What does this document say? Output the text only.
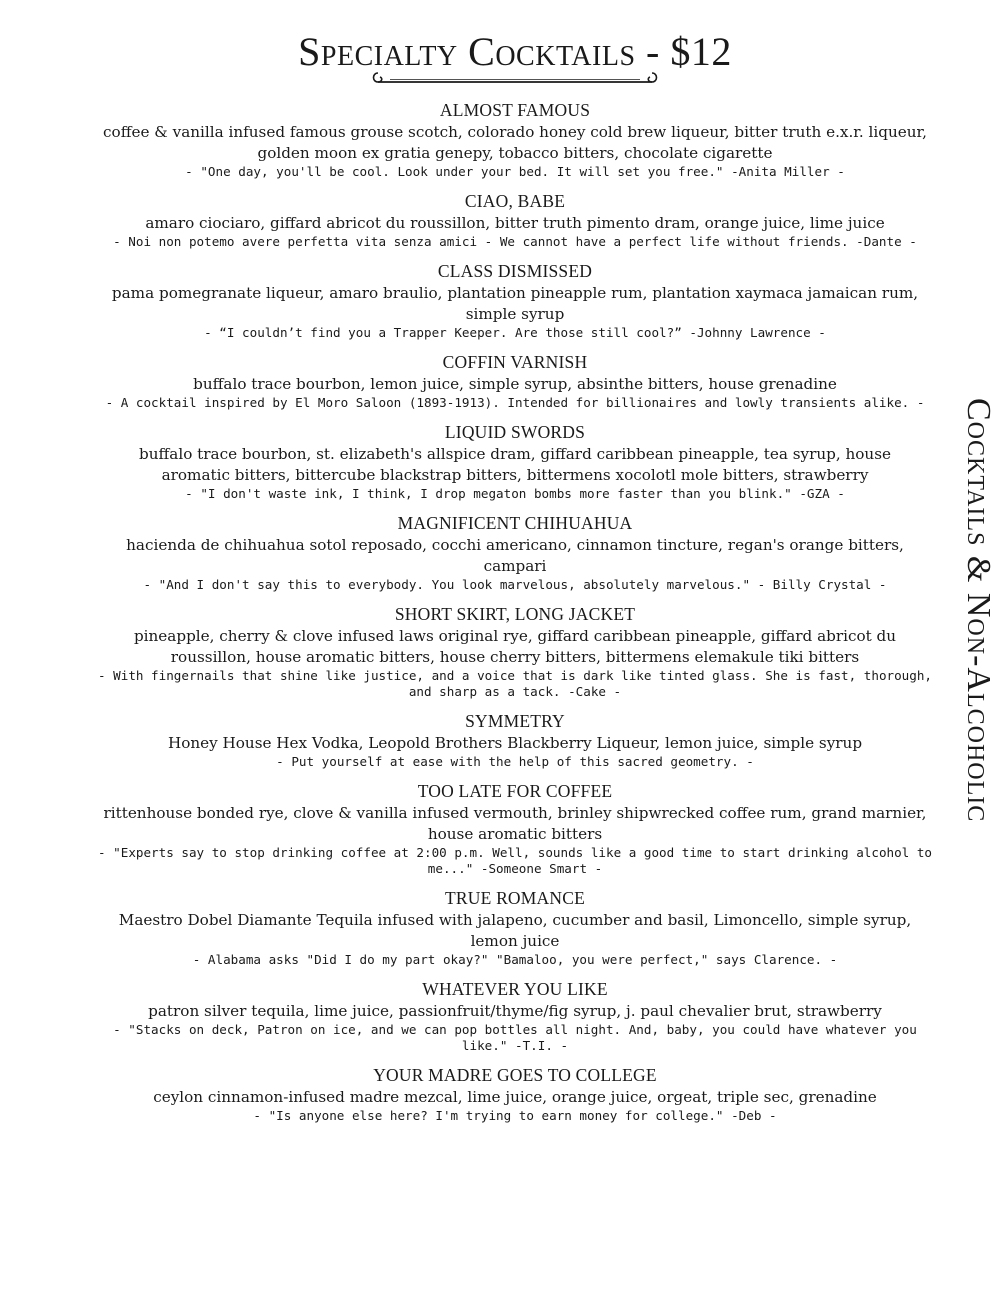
Specialty Cocktails - $12
ALMOST FAMOUS
coffee & vanilla infused famous grouse scotch, colorado honey cold brew liqueur, bitter truth e.x.r. liqueur, golden moon ex gratia genepy, tobacco bitters, chocolate cigarette
- "One day, you'll be cool. Look under your bed. It will set you free." -Anita Miller -
CIAO, BABE
amaro ciociaro, giffard abricot du roussillon, bitter truth pimento dram, orange juice, lime juice
- Noi non potemo avere perfetta vita senza amici - We cannot have a perfect life without friends. -Dante -
CLASS DISMISSED
pama pomegranate liqueur, amaro braulio, plantation pineapple rum, plantation xaymaca jamaican rum, simple syrup
- “I couldn’t find you a Trapper Keeper. Are those still cool?” -Johnny Lawrence -
COFFIN VARNISH
buffalo trace bourbon, lemon juice, simple syrup, absinthe bitters, house grenadine
- A cocktail inspired by El Moro Saloon (1893-1913). Intended for billionaires and lowly transients alike. -
LIQUID SWORDS
buffalo trace bourbon, st. elizabeth's allspice dram, giffard caribbean pineapple, tea syrup, house aromatic bitters, bittercube blackstrap bitters, bittermens xocolotl mole bitters, strawberry
- "I don't waste ink, I think, I drop megaton bombs more faster than you blink." -GZA -
MAGNIFICENT CHIHUAHUA
hacienda de chihuahua sotol reposado, cocchi americano, cinnamon tincture, regan's orange bitters, campari
- "And I don't say this to everybody. You look marvelous, absolutely marvelous." - Billy Crystal -
SHORT SKIRT, LONG JACKET
pineapple, cherry & clove infused laws original rye, giffard caribbean pineapple, giffard abricot du roussillon, house aromatic bitters, house cherry bitters, bittermens elemakule tiki bitters
- With fingernails that shine like justice, and a voice that is dark like tinted glass. She is fast, thorough, and sharp as a tack. -Cake -
SYMMETRY
Honey House Hex Vodka, Leopold Brothers Blackberry Liqueur, lemon juice, simple syrup
- Put yourself at ease with the help of this sacred geometry. -
TOO LATE FOR COFFEE
rittenhouse bonded rye, clove & vanilla infused vermouth, brinley shipwrecked coffee rum, grand marnier, house aromatic bitters
- "Experts say to stop drinking coffee at 2:00 p.m. Well, sounds like a good time to start drinking alcohol to me..." -Someone Smart -
TRUE ROMANCE
Maestro Dobel Diamante Tequila infused with jalapeno, cucumber and basil, Limoncello, simple syrup, lemon juice
- Alabama asks "Did I do my part okay?" "Bamaloo, you were perfect," says Clarence. -
WHATEVER YOU LIKE
patron silver tequila, lime juice, passionfruit/thyme/fig syrup, j. paul chevalier brut, strawberry
- "Stacks on deck, Patron on ice, and we can pop bottles all night. And, baby, you could have whatever you like." -T.I. -
YOUR MADRE GOES TO COLLEGE
ceylon cinnamon-infused madre mezcal, lime juice, orange juice, orgeat, triple sec, grenadine
- "Is anyone else here? I'm trying to earn money for college." -Deb -
Cocktails & Non-Alcoholic
